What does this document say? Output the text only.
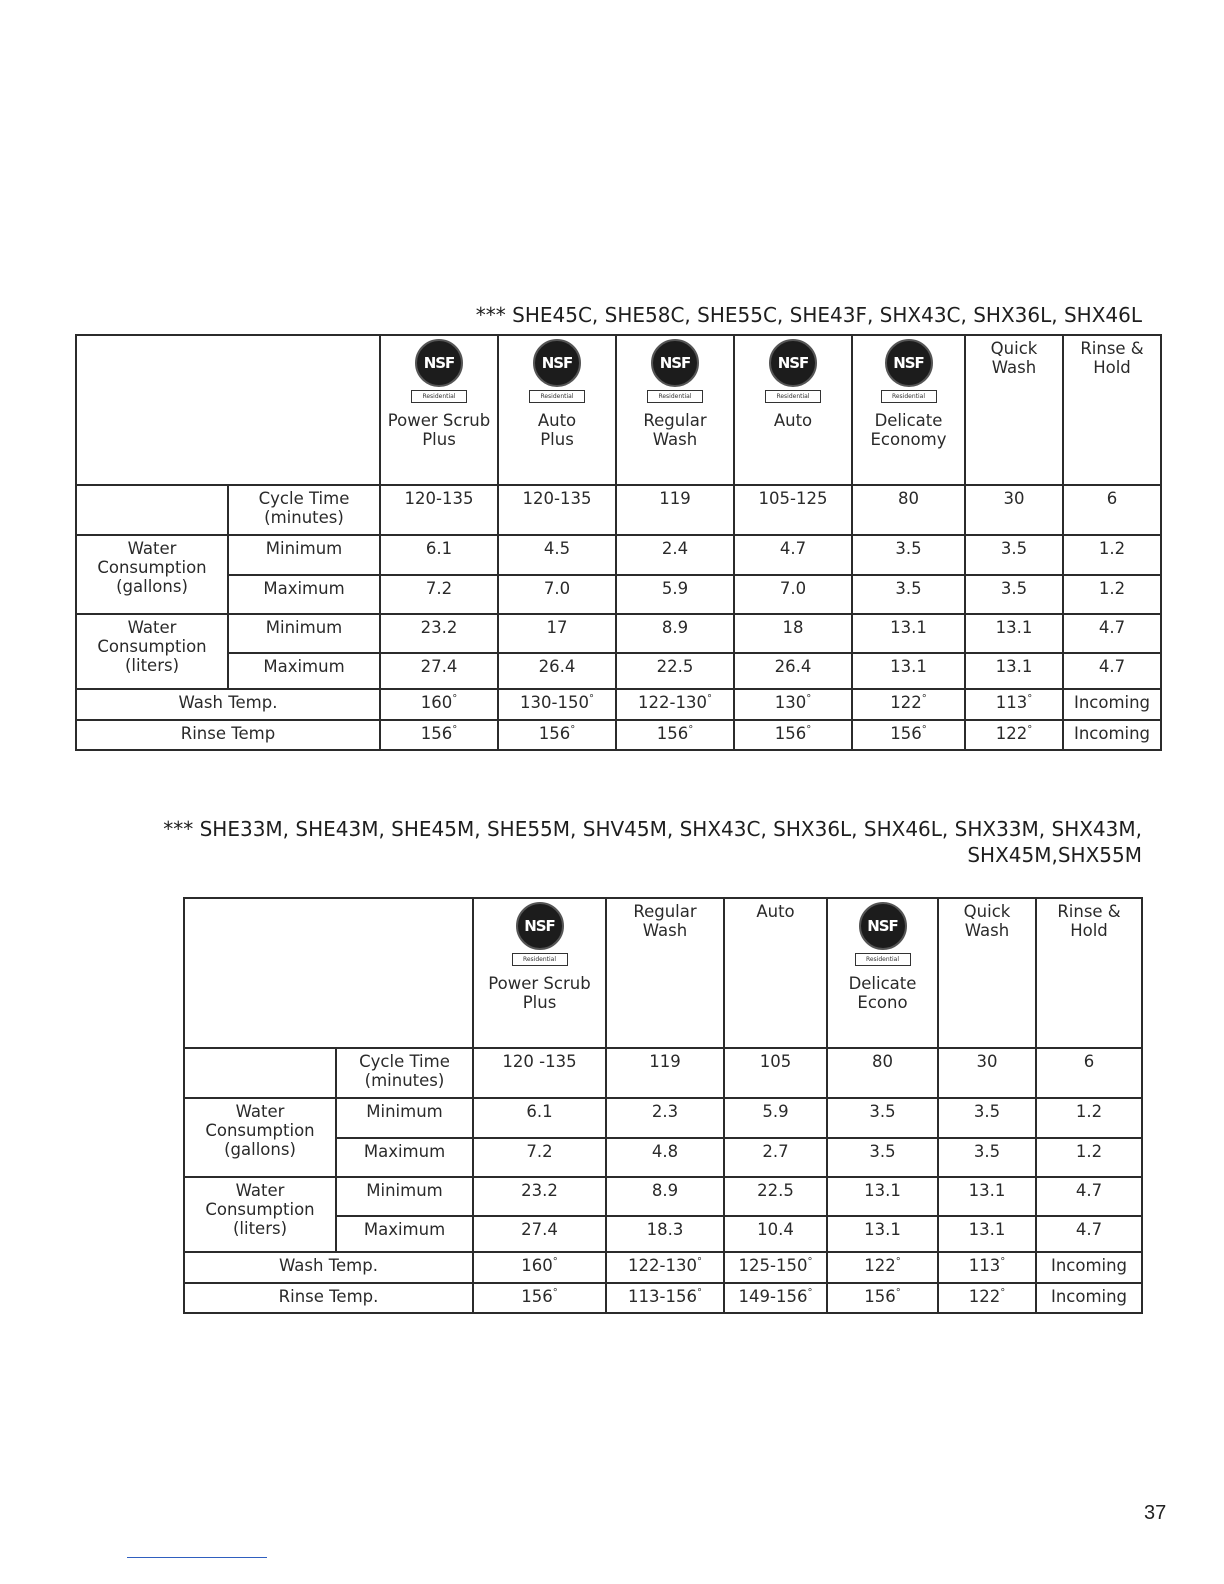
*** SHE45C, SHE58C, SHE55C, SHE43F, SHX43C, SHX36L, SHX46L

		NSF
Residential
Power Scrub
Plus	NSF
Residential
Auto
Plus	NSF
Residential
Regular
Wash	NSF
Residential
Auto	NSF
Residential
Delicate
Economy	Quick
Wash	Rinse &
Hold

	Cycle Time
(minutes)	120-135	120-135	119	105-125	80	30	6
Water
Consumption
(gallons)	Minimum	6.1	4.5	2.4	4.7	3.5	3.5	1.2
	Maximum	7.2	7.0	5.9	7.0	3.5	3.5	1.2
Water
Consumption
(liters)	Minimum	23.2	17	8.9	18	13.1	13.1	4.7
	Maximum	27.4	26.4	22.5	26.4	13.1	13.1	4.7
Wash Temp.		160°	130-150°	122-130°	130°	122°	113°	Incoming
Rinse Temp		156°	156°	156°	156°	156°	122°	Incoming
*** SHE33M, SHE43M, SHE45M, SHE55M, SHV45M, SHX43C, SHX36L, SHX46L, SHX33M, SHX43M,
SHX45M,SHX55M

		NSF
Residential
Power Scrub
Plus	Regular
Wash	Auto	NSF
Residential
Delicate
Econo	Quick
Wash	Rinse &
Hold

	Cycle Time
(minutes)	120 -135	119	105	80	30	6
Water
Consumption
(gallons)	Minimum	6.1	2.3	5.9	3.5	3.5	1.2
	Maximum	7.2	4.8	2.7	3.5	3.5	1.2
Water
Consumption
(liters)	Minimum	23.2	8.9	22.5	13.1	13.1	4.7
	Maximum	27.4	18.3	10.4	13.1	13.1	4.7
Wash Temp.		160°	122-130°	125-150°	122°	113°	Incoming
Rinse Temp.		156°	113-156°	149-156°	156°	122°	Incoming
37
